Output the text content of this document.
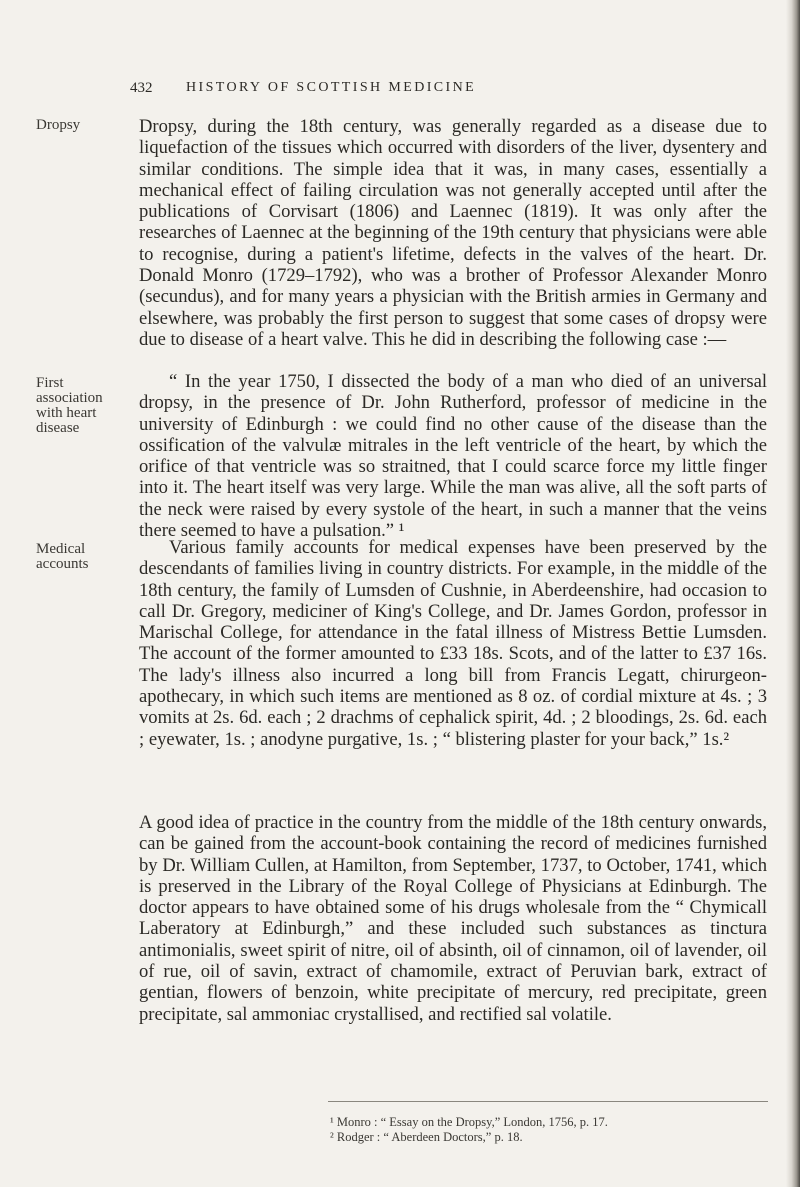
432 HISTORY OF SCOTTISH MEDICINE
Dropsy
First association with heart disease
Medical accounts

Dropsy, during the 18th century, was generally regarded as a disease due to liquefaction of the tissues which occurred with disorders of the liver, dysentery and similar conditions. The simple idea that it was, in many cases, essentially a mechanical effect of failing circulation was not generally accepted until after the publications of Corvisart (1806) and Laennec (1819). It was only after the researches of Laennec at the beginning of the 19th century that physicians were able to recognise, during a patient's lifetime, defects in the valves of the heart. Dr. Donald Monro (1729–1792), who was a brother of Professor Alexander Monro (secundus), and for many years a physician with the British armies in Germany and elsewhere, was probably the first person to suggest that some cases of dropsy were due to disease of a heart valve. This he did in describing the following case :—

“ In the year 1750, I dissected the body of a man who died of an universal dropsy, in the presence of Dr. John Rutherford, professor of medicine in the university of Edinburgh : we could find no other cause of the disease than the ossification of the valvulæ mitrales in the left ventricle of the heart, by which the orifice of that ventricle was so straitned, that I could scarce force my little finger into it. The heart itself was very large. While the man was alive, all the soft parts of the neck were raised by every systole of the heart, in such a manner that the veins there seemed to have a pulsation.” ¹

Various family accounts for medical expenses have been preserved by the descendants of families living in country districts. For example, in the middle of the 18th century, the family of Lumsden of Cushnie, in Aberdeenshire, had occasion to call Dr. Gregory, mediciner of King's College, and Dr. James Gordon, professor in Marischal College, for attendance in the fatal illness of Mistress Bettie Lumsden. The account of the former amounted to £33 18s. Scots, and of the latter to £37 16s. The lady's illness also incurred a long bill from Francis Legatt, chirurgeon-apothecary, in which such items are mentioned as 8 oz. of cordial mixture at 4s. ; 3 vomits at 2s. 6d. each ; 2 drachms of cephalick spirit, 4d. ; 2 bloodings, 2s. 6d. each ; eyewater, 1s. ; anodyne purgative, 1s. ; “ blistering plaster for your back,” 1s.²

A good idea of practice in the country from the middle of the 18th century onwards, can be gained from the account-book containing the record of medicines furnished by Dr. William Cullen, at Hamilton, from September, 1737, to October, 1741, which is preserved in the Library of the Royal College of Physicians at Edinburgh. The doctor appears to have obtained some of his drugs wholesale from the “ Chymicall Laberatory at Edinburgh,” and these included such substances as tinctura antimonialis, sweet spirit of nitre, oil of absinth, oil of cinnamon, oil of lavender, oil of rue, oil of savin, extract of chamomile, extract of Peruvian bark, extract of gentian, flowers of benzoin, white precipitate of mercury, red precipitate, green precipitate, sal ammoniac crystallised, and rectified sal volatile.

¹ Monro : “ Essay on the Dropsy,” London, 1756, p. 17.
² Rodger : “ Aberdeen Doctors,” p. 18.
